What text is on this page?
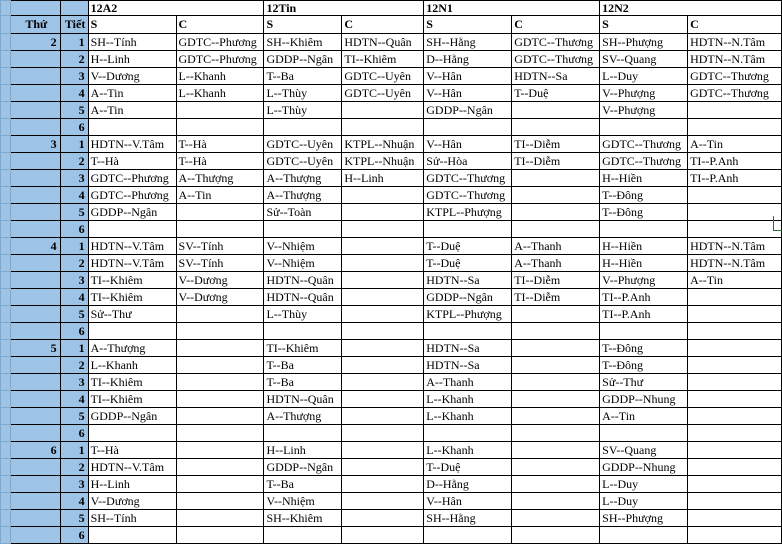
			12A2		12Tin		12N1		12N2	
	Thứ	Tiết	S	C	S	C	S	C	S	C
	2	1	SH--Tính	GDTC--Phương	SH--Khiêm	HDTN--Quân	SH--Hằng	GDTC--Thương	SH--Phượng	HDTN--N.Tâm
		2	H--Linh	GDTC--Phương	GDDP--Ngân	TI--Khiêm	D--Hằng	GDTC--Thương	SV--Quang	HDTN--N.Tâm
		3	V--Dương	L--Khanh	T--Ba	GDTC--Uyên	V--Hân	HDTN--Sa	L--Duy	GDTC--Thương
		4	A--Tin	L--Khanh	L--Thùy	GDTC--Uyên	V--Hân	T--Duệ	V--Phượng	GDTC--Thương
		5	A--Tin		L--Thùy		GDDP--Ngân		V--Phượng	
		6								
	3	1	HDTN--V.Tâm	T--Hà	GDTC--Uyên	KTPL--Nhuận	V--Hân	TI--Diễm	GDTC--Thương	A--Tin
		2	T--Hà	T--Hà	GDTC--Uyên	KTPL--Nhuận	Sử--Hòa	TI--Diễm	GDTC--Thương	TI--P.Anh
		3	GDTC--Phương	A--Thượng	A--Thượng	H--Linh	GDTC--Thương		H--Hiền	TI--P.Anh
		4	GDTC--Phương	A--Tin	A--Thượng		GDTC--Thương		T--Đông	
		5	GDDP--Ngân		Sử--Toàn		KTPL--Phượng		T--Đông	
		6								
	4	1	HDTN--V.Tâm	SV--Tính	V--Nhiệm		T--Duệ	A--Thanh	H--Hiền	HDTN--N.Tâm
		2	HDTN--V.Tâm	SV--Tính	V--Nhiệm		T--Duệ	A--Thanh	H--Hiền	HDTN--N.Tâm
		3	TI--Khiêm	V--Dương	HDTN--Quân		HDTN--Sa	TI--Diễm	V--Phượng	A--Tin
		4	TI--Khiêm	V--Dương	HDTN--Quân		GDDP--Ngân	TI--Diễm	TI--P.Anh	
		5	Sử--Thư		L--Thùy		KTPL--Phượng		TI--P.Anh	
		6								
	5	1	A--Thượng		TI--Khiêm		HDTN--Sa		T--Đông	
		2	L--Khanh		T--Ba		HDTN--Sa		T--Đông	
		3	TI--Khiêm		T--Ba		A--Thanh		Sử--Thư	
		4	TI--Khiêm		HDTN--Quân		L--Khanh		GDDP--Nhung	
		5	GDDP--Ngân		A--Thượng		L--Khanh		A--Tin	
		6								
	6	1	T--Hà		H--Linh		L--Khanh		SV--Quang	
		2	HDTN--V.Tâm		GDDP--Ngân		T--Duệ		GDDP--Nhung	
		3	H--Linh		T--Ba		D--Hằng		L--Duy	
		4	V--Dương		V--Nhiệm		V--Hân		L--Duy	
		5	SH--Tính		SH--Khiêm		SH--Hằng		SH--Phượng	
		6								
